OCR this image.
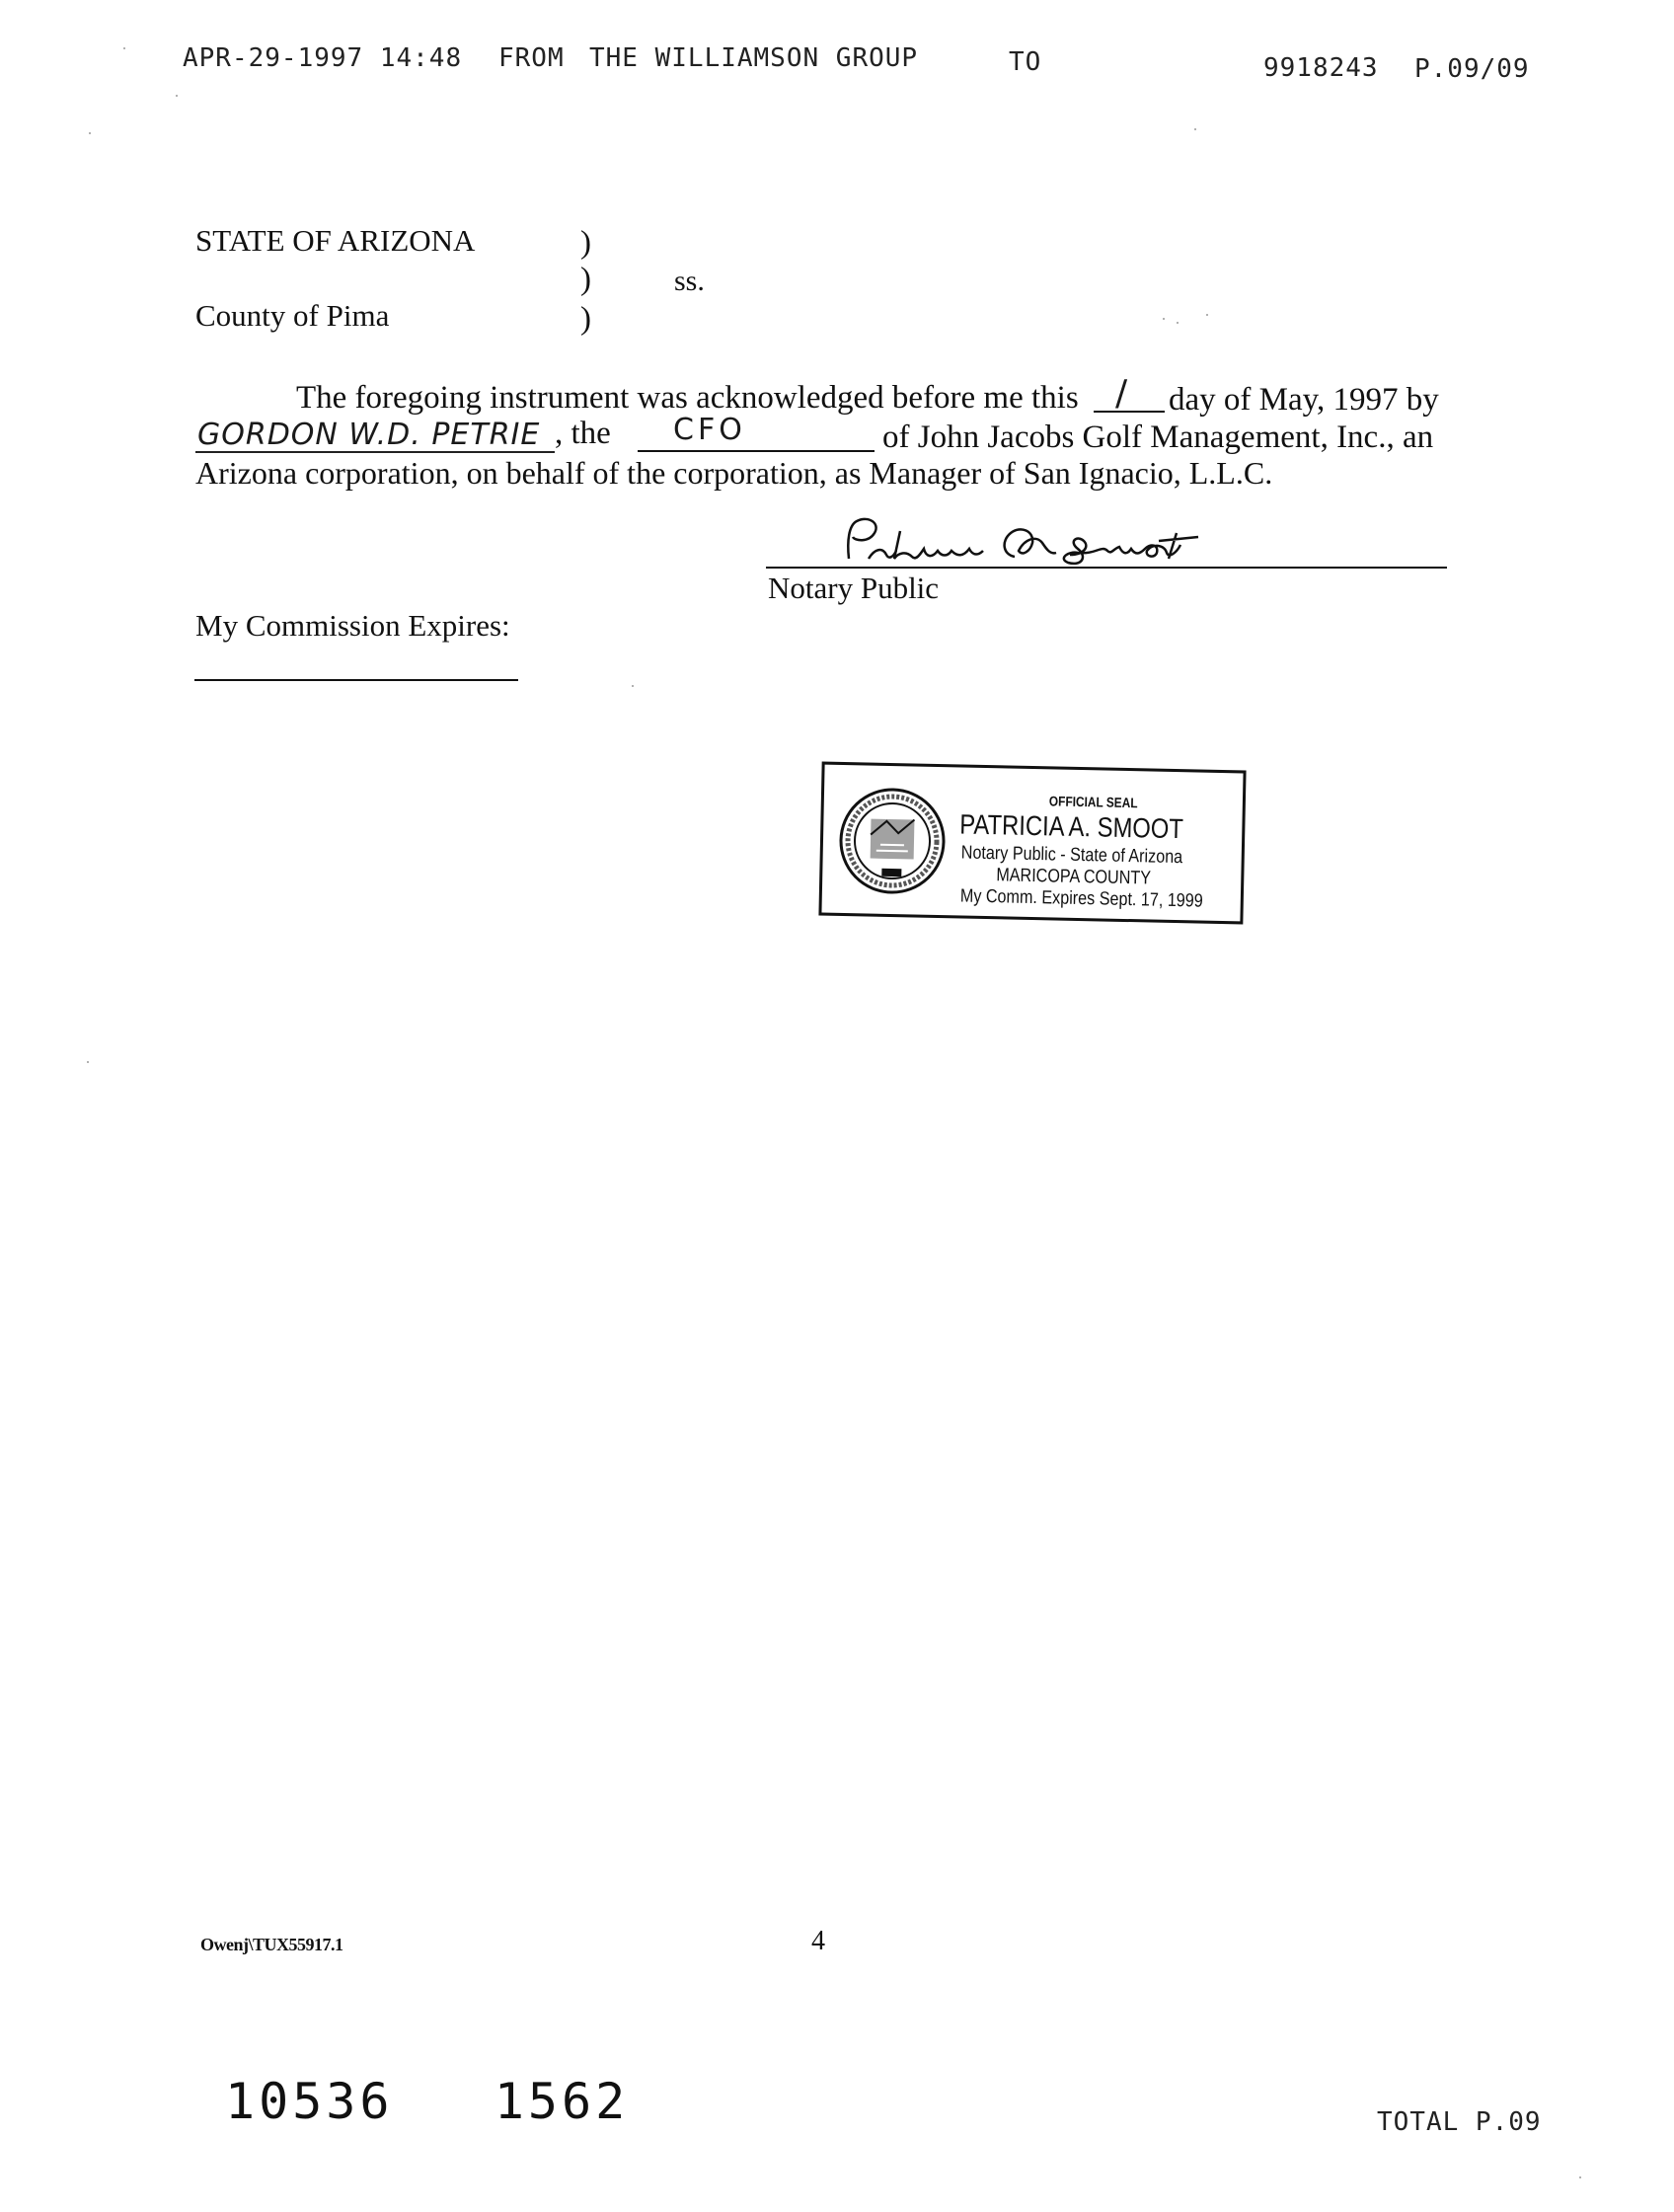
APR-29-1997 14:48 FROM THE WILLIAMSON GROUP	TO	9918243 P.09/09
STATE OF ARIZONA	)
)	ss.
County of Pima	)
The foregoing instrument was acknowledged before me this / day of May, 1997 by
GORDON W.D. PETRIE , the CFO	of John Jacobs Golf Management, Inc., an
Arizona corporation, on behalf of the corporation, as Manager of San Ignacio, L.L.C.
Notary Public
My Commission Expires:
OFFICIAL SEAL
PATRICIA A. SMOOT
Notary Public - State of Arizona
MARICOPA COUNTY
My Comm. Expires Sept. 17, 1999
Owenj\TUX55917.1	4
10536   1562	TOTAL P.09
